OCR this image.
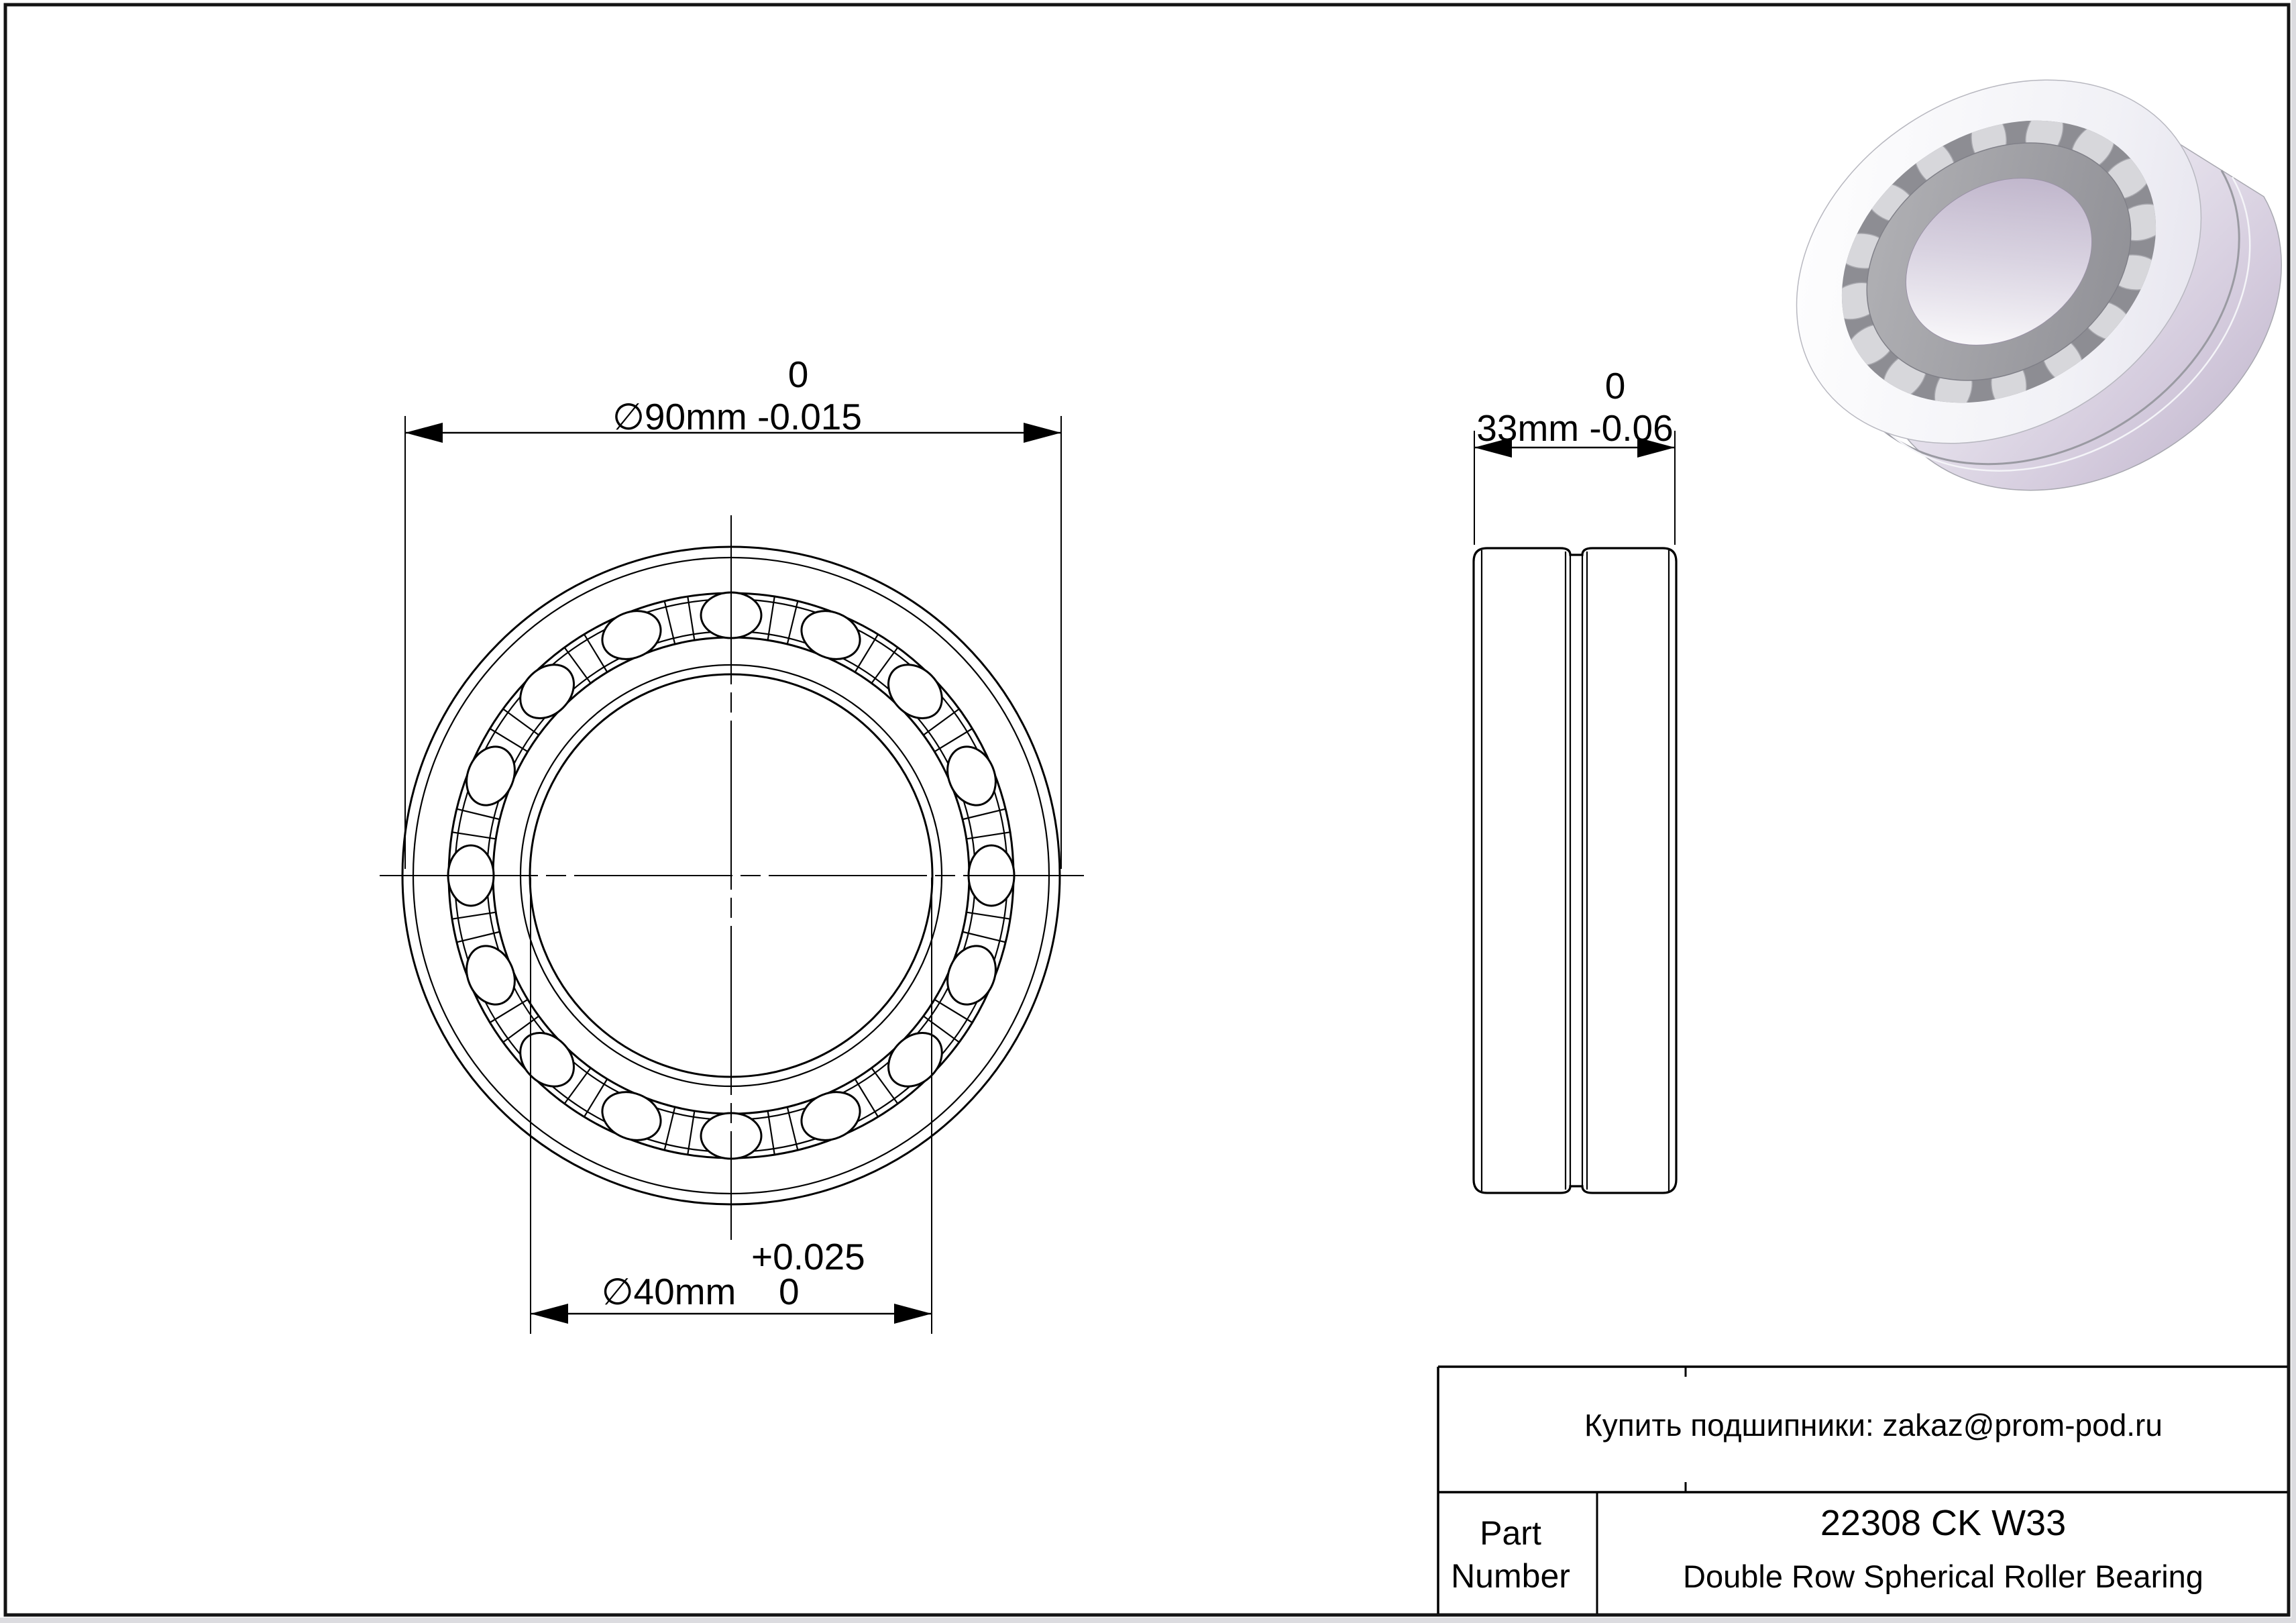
0
∅90mm -0.015
∅40mm
+0.025
0
0
33mm -0.06
Купить подшипники: zakaz@prom-pod.ru
Part
Number
22308 CK W33
Double Row Spherical Roller Bearing
